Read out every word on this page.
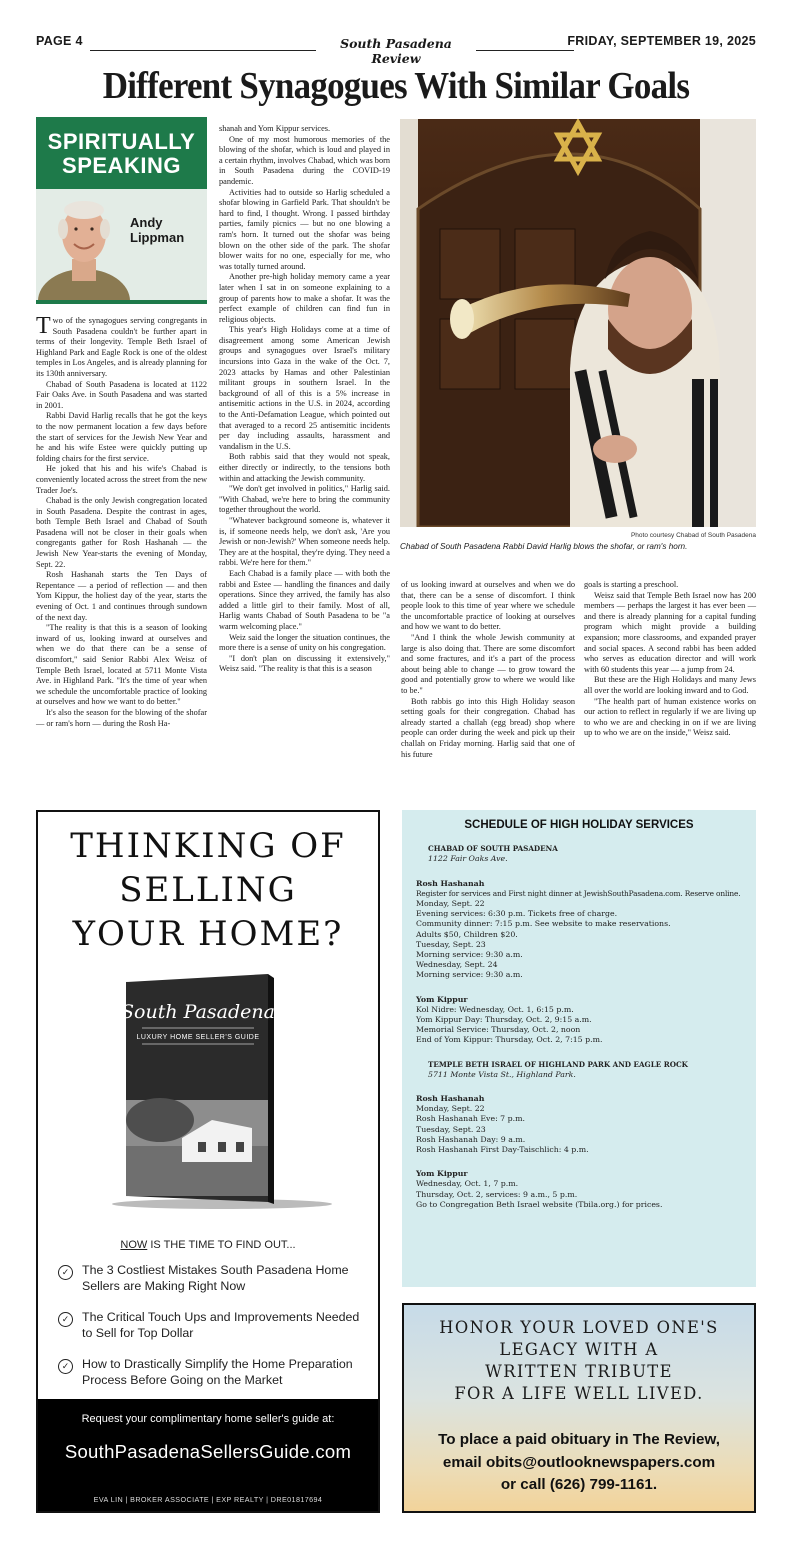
PAGE 4	South Pasadena Review
FRIDAY, SEPTEMBER 19, 2025
Different Synagogues With Similar Goals
SPIRITUALLY
SPEAKING
Andy
Lippman

Two of the synagogues serving congregants in South Pasadena couldn't be further apart in terms of their longevity. Temple Beth Israel of Highland Park and Eagle Rock is one of the oldest temples in Los Angeles, and is already planning for its 130th anniversary.

Chabad of South Pasadena is located at 1122 Fair Oaks Ave. in South Pasadena and was started in 2001.

Rabbi David Harlig recalls that he got the keys to the now permanent location a few days before the start of services for the Jewish New Year and he and his wife Estee were quickly putting up folding chairs for the first service.

He joked that his and his wife's Chabad is conveniently located across the street from the new Trader Joe's.

Chabad is the only Jewish congregation located in South Pasadena. Despite the contrast in ages, both Temple Beth Israel and Chabad of South Pasadena will not be closer in their goals when congregants gather for Rosh Hashanah — the Jewish New Year-starts the evening of Monday, Sept. 22.

Rosh Hashanah starts the Ten Days of Repentance — a period of reflection — and then Yom Kippur, the holiest day of the year, starts the evening of Oct. 1 and continues through sundown of the next day.

"The reality is that this is a season of looking inward of us, looking inward at ourselves and when we do that there can be a sense of discomfort," said Senior Rabbi Alex Weisz of Temple Beth Israel, located at 5711 Monte Vista Ave. in Highland Park. "It's the time of year when we schedule the uncomfortable practice of looking at ourselves and how we want to do better."

It's also the season for the blowing of the shofar — or ram's horn — during the Rosh Ha-

shanah and Yom Kippur services.

One of my most humorous memories of the blowing of the shofar, which is loud and played in a certain rhythm, involves Chabad, which was born in South Pasadena during the COVID-19 pandemic.

Activities had to outside so Harlig scheduled a shofar blowing in Garfield Park. That shouldn't be hard to find, I thought. Wrong. I passed birthday parties, family picnics — but no one blowing a ram's horn. It turned out the shofar was being blown on the other side of the park. The shofar blower waits for no one, especially for me, who was totally turned around.

Another pre-high holiday memory came a year later when I sat in on someone explaining to a group of parents how to make a shofar. It was the perfect example of children can find fun in religious objects.

This year's High Holidays come at a time of disagreement among some American Jewish groups and synagogues over Israel's military incursions into Gaza in the wake of the Oct. 7, 2023 attacks by Hamas and other Palestinian militant groups in southern Israel. In the background of all of this is a 5% increase in antisemitic actions in the U.S. in 2024, according to the Anti-Defamation League, which pointed out that averaged to a record 25 antisemitic incidents per day including assaults, harassment and vandalism in the U.S.

Both rabbis said that they would not speak, either directly or indirectly, to the tensions both within and attacking the Jewish community.

"We don't get involved in politics," Harlig said. "With Chabad, we're here to bring the community together throughout the world.

"Whatever background someone is, whatever it is, if someone needs help, we don't ask, 'Are you Jewish or non-Jewish?' When someone needs help. They are at the hospital, they're dying. They need a rabbi. We're here for them."

Each Chabad is a family place — with both the rabbi and Estee — handling the finances and daily operations. Since they arrived, the family has also added a little girl to their family. Most of all, Harlig wants Chabad of South Pasadena to be "a warm welcoming place."

Weiz said the longer the situation continues, the more there is a sense of unity on his congregation.

"I don't plan on discussing it extensively," Weisz said. "The reality is that this is a season

of us looking inward at ourselves and when we do that, there can be a sense of discomfort. I think people look to this time of year where we schedule the uncomfortable practice of looking at ourselves and how we want to do better.

"And I think the whole Jewish community at large is also doing that. There are some discomfort and some fractures, and it's a part of the process about being able to change — to grow toward the good and potentially grow to where we would like to be."

Both rabbis go into this High Holiday season setting goals for their congregation. Chabad has already started a challah (egg bread) shop where people can order during the week and pick up their challah on Friday morning. Harlig said that one of his future

goals is starting a preschool.

Weisz said that Temple Beth Israel now has 200 members — perhaps the largest it has ever been — and there is already planning for a capital funding program which might provide a building expansion; more classrooms, and expanded prayer and social spaces. A second rabbi has been added who serves as education director and will work with 60 students this year — a jump from 24.

But these are the High Holidays and many Jews all over the world are looking inward and to God.

"The health part of human existence works on our action to reflect in regularly if we are living up to who we are and checking in on if we are living up to who we are on the inside," Weisz said.

Photo courtesy Chabad of South Pasadena
Chabad of South Pasadena Rabbi David Harlig blows the shofar, or ram's horn.
THINKING OF
SELLING
YOUR HOME?
South Pasadena
LUXURY HOME SELLER'S GUIDE
NOW IS THE TIME TO FIND OUT...
✓	The 3 Costliest Mistakes South Pasadena Home Sellers are Making Right Now
✓	The Critical Touch Ups and Improvements Needed to Sell for Top Dollar
✓	How to Drastically Simplify the Home Preparation Process Before Going on the Market
Request your complimentary home seller's guide at:
SouthPasadenaSellersGuide.com
EVA LIN | BROKER ASSOCIATE | EXP REALTY | DRE01817694
SCHEDULE OF HIGH HOLIDAY SERVICES
CHABAD OF SOUTH PASADENA
1122 Fair Oaks Ave.
Rosh Hashanah
Register for services and First night dinner at JewishSouthPasadena.com. Reserve online.
Monday, Sept. 22
Evening services: 6:30 p.m. Tickets free of charge.
Community dinner: 7:15 p.m. See website to make reservations.
Adults $50, Children $20.
Tuesday, Sept. 23
Morning service: 9:30 a.m.
Wednesday, Sept. 24
Morning service: 9:30 a.m.
Yom Kippur
Kol Nidre: Wednesday, Oct. 1, 6:15 p.m.
Yom Kippur Day: Thursday, Oct. 2, 9:15 a.m.
Memorial Service: Thursday, Oct. 2, noon
End of Yom Kippur: Thursday, Oct. 2, 7:15 p.m.
TEMPLE BETH ISRAEL OF HIGHLAND PARK AND EAGLE ROCK
5711 Monte Vista St., Highland Park.
Rosh Hashanah
Monday, Sept. 22
Rosh Hashanah Eve: 7 p.m.
Tuesday, Sept. 23
Rosh Hashanah Day: 9 a.m.
Rosh Hashanah First Day-Taischlich: 4 p.m.
Yom Kippur
Wednesday, Oct. 1, 7 p.m.
Thursday, Oct. 2, services: 9 a.m., 5 p.m.
Go to Congregation Beth Israel website (Tbila.org.) for prices.
HONOR YOUR LOVED ONE'S
LEGACY WITH A
WRITTEN TRIBUTE
FOR A LIFE WELL LIVED.
To place a paid obituary in The Review,
email obits@outlooknewspapers.com
or call (626) 799-1161.
